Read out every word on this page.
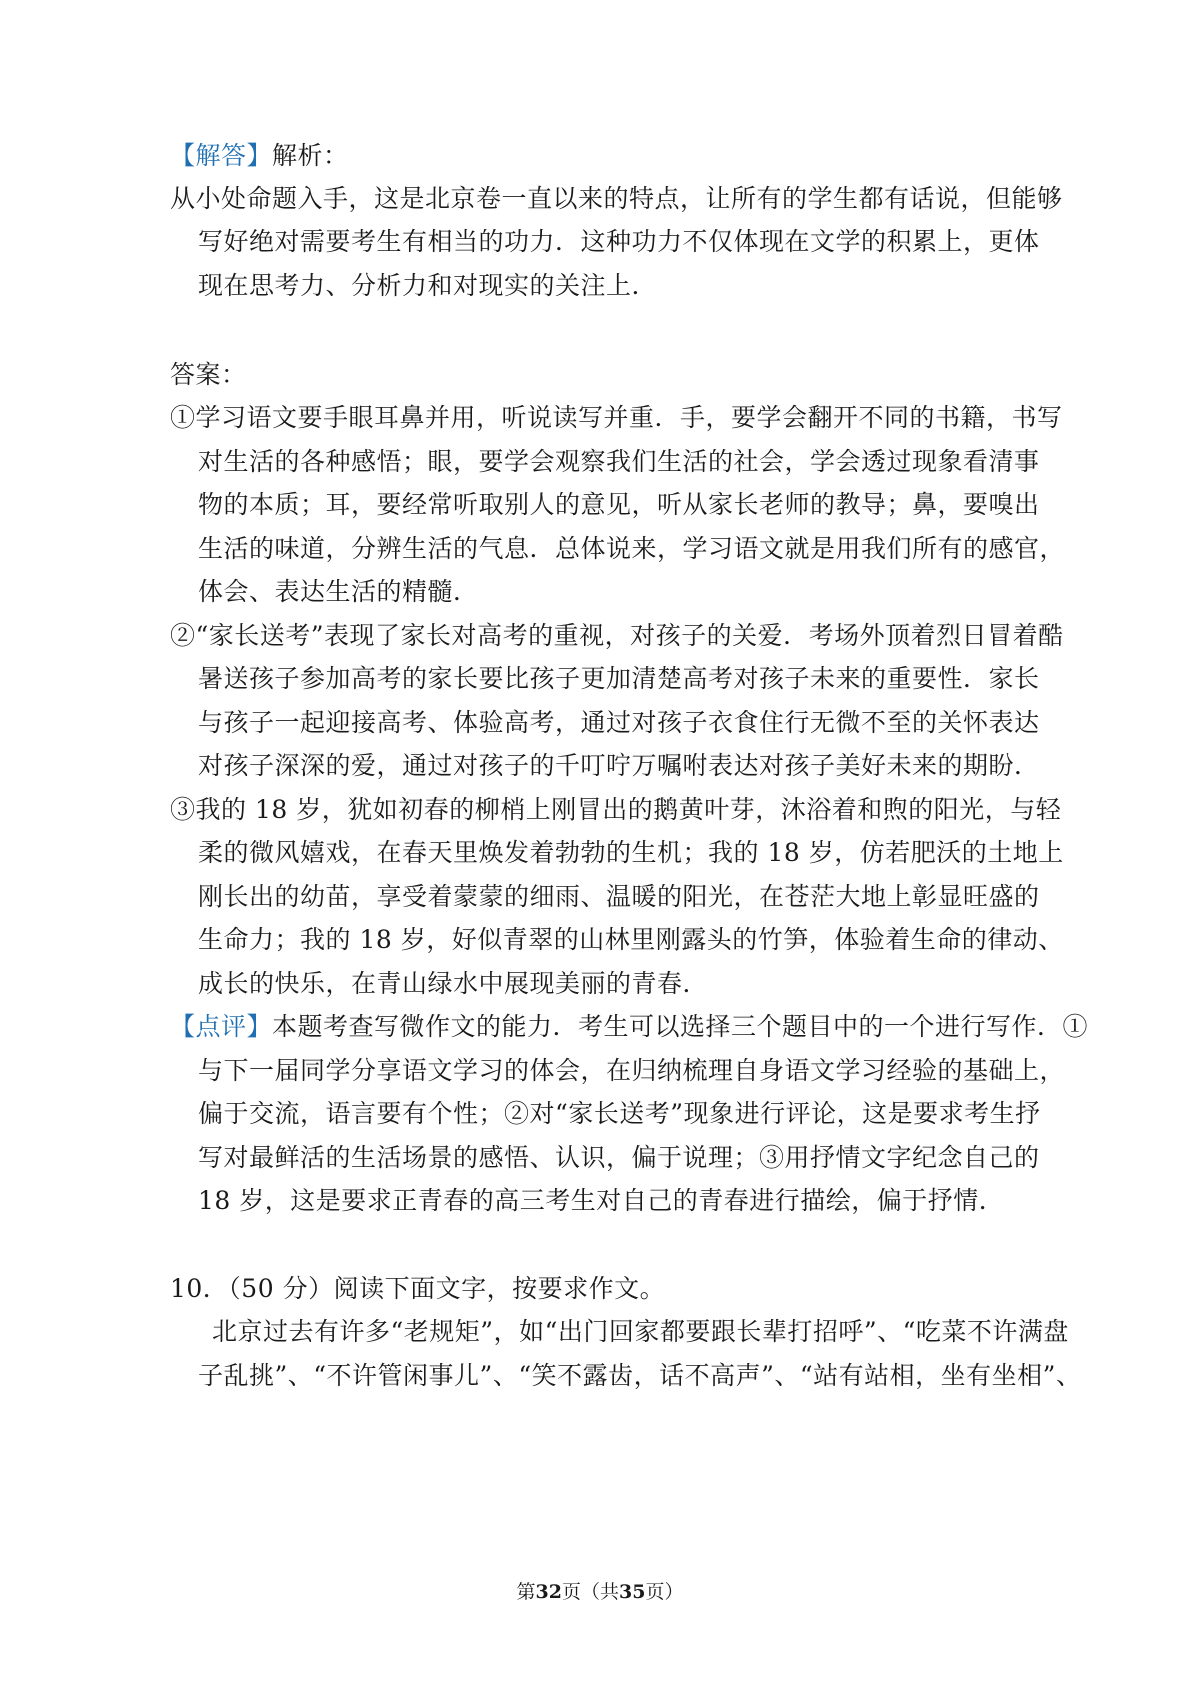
【解答】解析：
从小处命题入手，这是北京卷一直以来的特点，让所有的学生都有话说，但能够
写好绝对需要考生有相当的功力．这种功力不仅体现在文学的积累上，更体
现在思考力、分析力和对现实的关注上．
答案：
①学习语文要手眼耳鼻并用，听说读写并重．手，要学会翻开不同的书籍，书写
对生活的各种感悟；眼，要学会观察我们生活的社会，学会透过现象看清事
物的本质；耳，要经常听取别人的意见，听从家长老师的教导；鼻，要嗅出
生活的味道，分辨生活的气息．总体说来，学习语文就是用我们所有的感官，
体会、表达生活的精髓．
②“家长送考”表现了家长对高考的重视，对孩子的关爱．考场外顶着烈日冒着酷
暑送孩子参加高考的家长要比孩子更加清楚高考对孩子未来的重要性．家长
与孩子一起迎接高考、体验高考，通过对孩子衣食住行无微不至的关怀表达
对孩子深深的爱，通过对孩子的千叮咛万嘱咐表达对孩子美好未来的期盼．
③我的 18 岁，犹如初春的柳梢上刚冒出的鹅黄叶芽，沐浴着和煦的阳光，与轻
柔的微风嬉戏，在春天里焕发着勃勃的生机；我的 18 岁，仿若肥沃的土地上
刚长出的幼苗，享受着蒙蒙的细雨、温暖的阳光，在苍茫大地上彰显旺盛的
生命力；我的 18 岁，好似青翠的山林里刚露头的竹笋，体验着生命的律动、
成长的快乐，在青山绿水中展现美丽的青春．
【点评】本题考查写微作文的能力．考生可以选择三个题目中的一个进行写作．①
与下一届同学分享语文学习的体会，在归纳梳理自身语文学习经验的基础上，
偏于交流，语言要有个性；②对“家长送考”现象进行评论，这是要求考生抒
写对最鲜活的生活场景的感悟、认识，偏于说理；③用抒情文字纪念自己的
18 岁，这是要求正青春的高三考生对自己的青春进行描绘，偏于抒情．
10．（50 分）阅读下面文字，按要求作文。
北京过去有许多“老规矩”，如“出门回家都要跟长辈打招呼”、“吃菜不许满盘
子乱挑”、“不许管闲事儿”、“笑不露齿，话不高声”、“站有站相，坐有坐相”、
第32页（共35页）
